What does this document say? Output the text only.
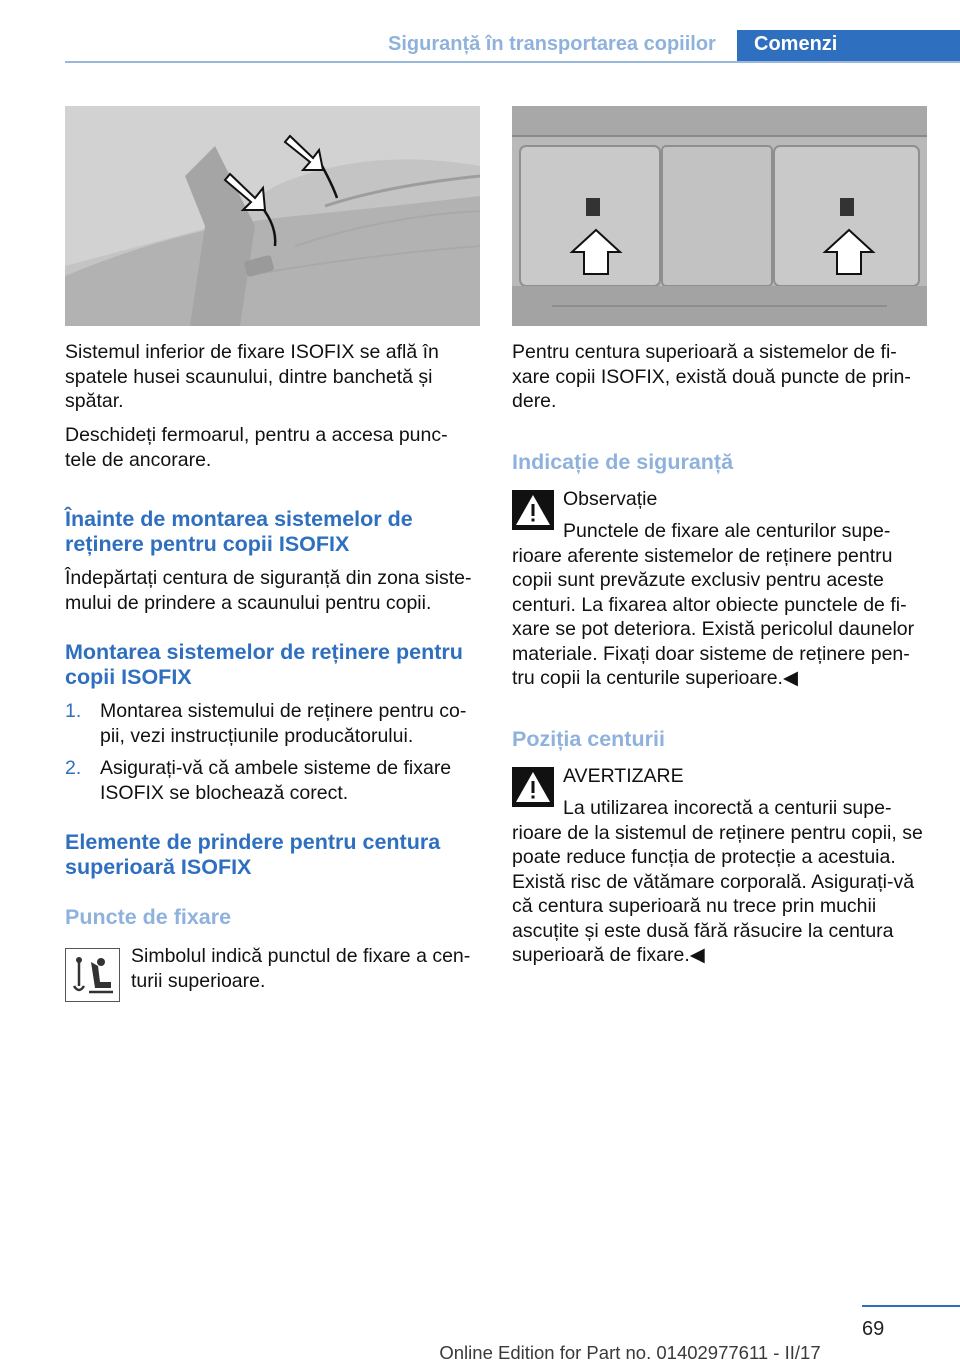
Siguranță în transportarea copiilor	Comenzi

Sistemul inferior de fixare ISOFIX se află în spatele husei scaunului, dintre banchetă și spătar.

Deschideți fermoarul, pentru a accesa punctele de ancorare.

Înainte de montarea sistemelor de reținere pentru copii ISOFIX

Îndepărtați centura de siguranță din zona sistemului de prindere a scaunului pentru copii.

Montarea sistemelor de reținere pentru copii ISOFIX
1. Montarea sistemului de reținere pentru copii, vezi instrucțiunile producătorului.
2. Asigurați-vă că ambele sisteme de fixare ISOFIX se blochează corect.
Elemente de prindere pentru centura superioară ISOFIX
Puncte de fixare

Simbolul indică punctul de fixare a centurii superioare.

Pentru centura superioară a sistemelor de fixare copii ISOFIX, există două puncte de prindere.

Indicație de siguranță
Observație

Punctele de fixare ale centurilor superioare aferente sistemelor de reținere pentru copii sunt prevăzute exclusiv pentru aceste centuri. La fixarea altor obiecte punctele de fixare se pot deteriora. Există pericolul daunelor materiale. Fixați doar sisteme de reținere pentru copii la centurile superioare.◀

Poziția centurii
AVERTIZARE

La utilizarea incorectă a centurii superioare de la sistemul de reținere pentru copii, se poate reduce funcția de protecție a acestuia. Există risc de vătămare corporală. Asigurați-vă că centura superioară nu trece prin muchii ascuțite și este dusă fără răsucire la centura superioară de fixare.◀

69
Online Edition for Part no. 01402977611 - II/17
